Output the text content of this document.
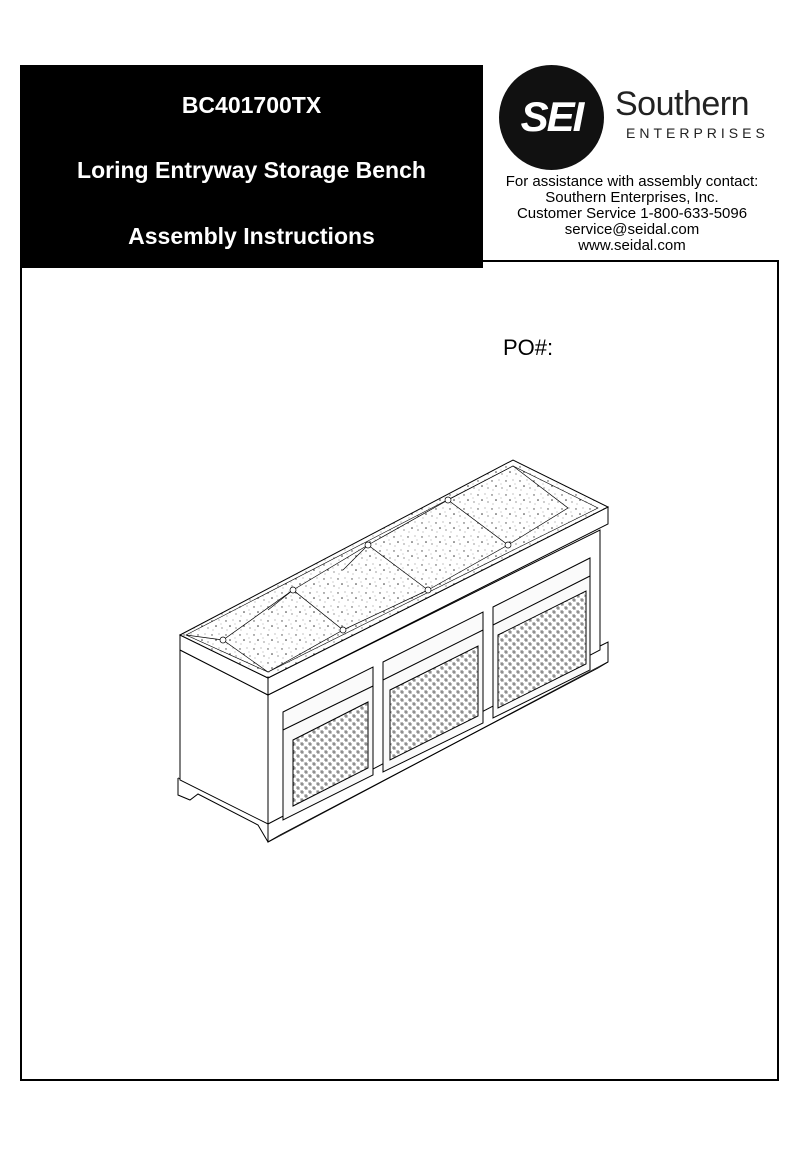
BC401700TX
Loring Entryway Storage Bench
Assembly Instructions
SEI Southern
ENTERPRISES
For assistance with assembly contact:
Southern Enterprises, Inc.
Customer Service 1-800-633-5096
service@seidal.com
www.seidal.com
PO#:
